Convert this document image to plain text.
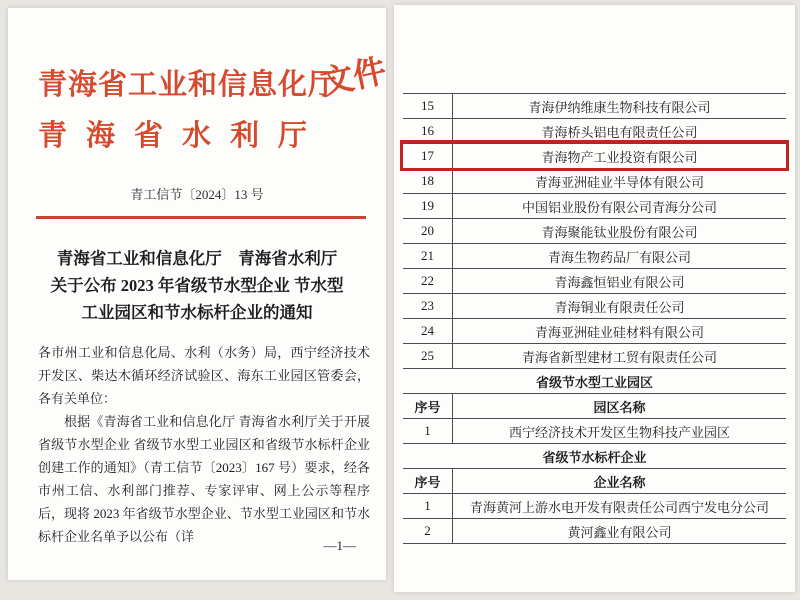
青海省工业和信息化厅
青海省水利厅
文件
青工信节〔2024〕13 号
青海省工业和信息化厅　青海省水利厅
关于公布 2023 年省级节水型企业 节水型
工业园区和节水标杆企业的通知

各市州工业和信息化局、水利（水务）局，西宁经济技术开发区、柴达木循环经济试验区、海东工业园区管委会，各有关单位：

根据《青海省工业和信息化厅 青海省水利厅关于开展省级节水型企业 省级节水型工业园区和省级节水标杆企业创建工作的通知》（青工信节〔2023〕167 号）要求，经各市州工信、水利部门推荐、专家评审、网上公示等程序后，现将 2023 年省级节水型企业、节水型工业园区和节水标杆企业名单予以公布（详

—1—
15	青海伊纳维康生物科技有限公司
16	青海桥头铝电有限责任公司
17	青海物产工业投资有限公司
18	青海亚洲硅业半导体有限公司
19	中国铝业股份有限公司青海分公司
20	青海聚能钛业股份有限公司
21	青海生物药品厂有限公司
22	青海鑫恒铝业有限公司
23	青海铜业有限责任公司
24	青海亚洲硅业硅材料有限公司
25	青海省新型建材工贸有限责任公司
省级节水型工业园区
序号	园区名称
1	西宁经济技术开发区生物科技产业园区
省级节水标杆企业
序号	企业名称
1	青海黄河上游水电开发有限责任公司西宁发电分公司
2	黄河鑫业有限公司
